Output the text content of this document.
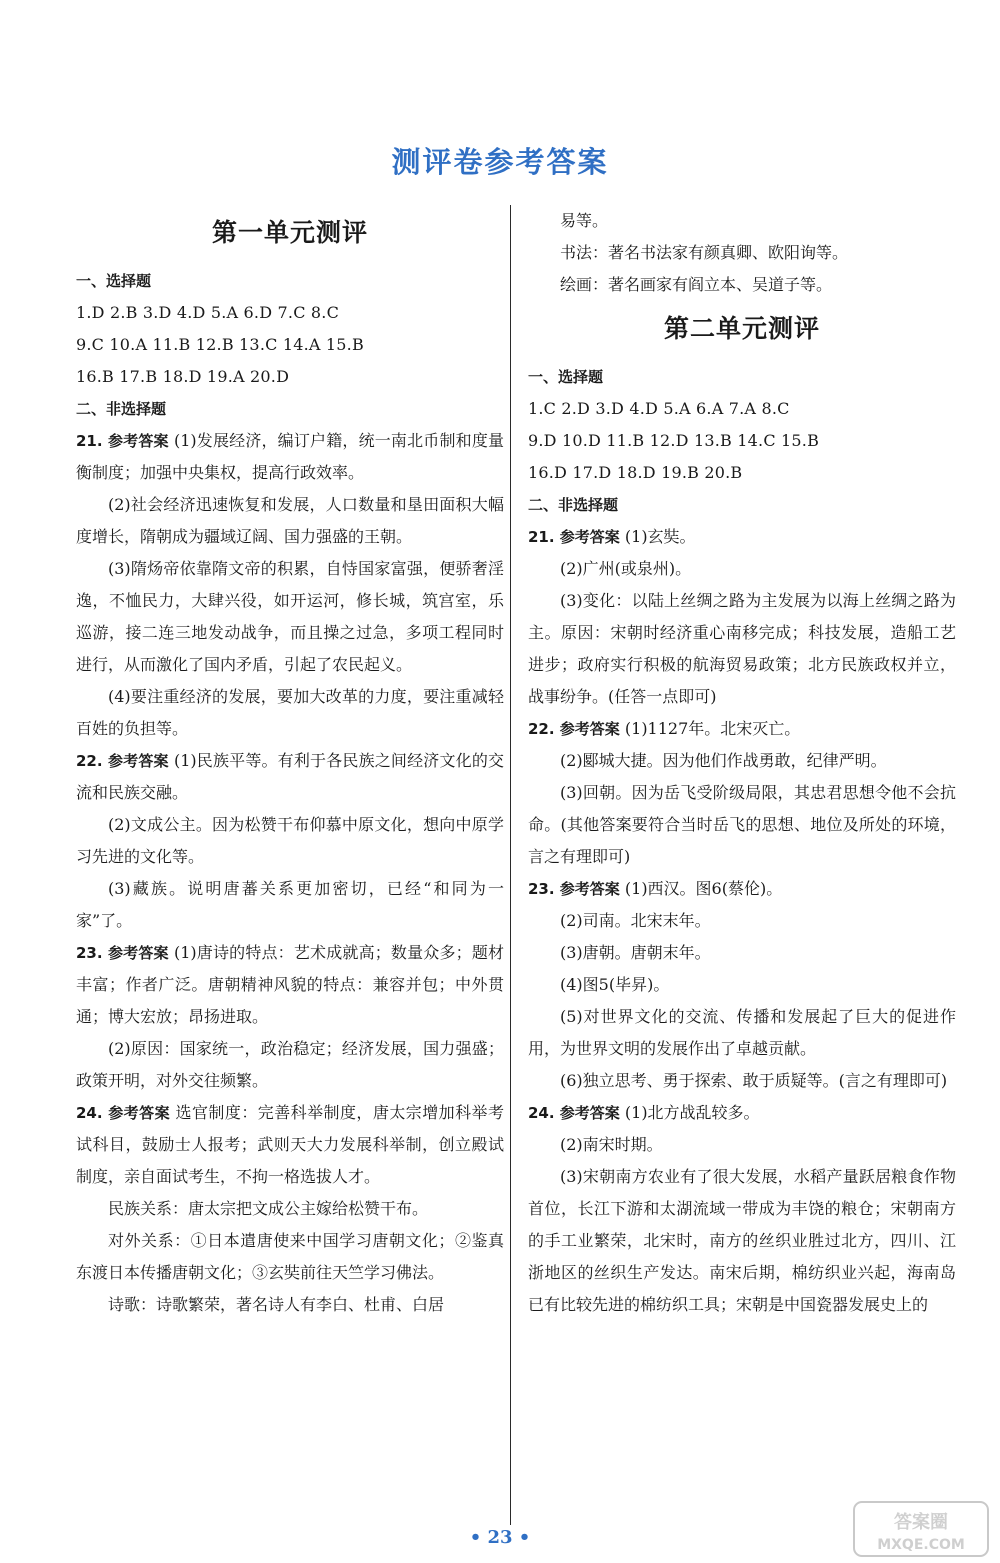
测评卷参考答案
第一单元测评
一、选择题
1.D 2.B 3.D 4.D 5.A 6.D 7.C 8.C
9.C 10.A 11.B 12.B 13.C 14.A 15.B
16.B 17.B 18.D 19.A 20.D
二、非选择题
21. 参考答案 (1)发展经济，编订户籍，统一南北币制和度量衡制度；加强中央集权，提高行政效率。
(2)社会经济迅速恢复和发展，人口数量和垦田面积大幅度增长，隋朝成为疆域辽阔、国力强盛的王朝。
(3)隋炀帝依靠隋文帝的积累，自恃国家富强，便骄奢淫逸，不恤民力，大肆兴役，如开运河，修长城，筑宫室，乐巡游，接二连三地发动战争，而且操之过急，多项工程同时进行，从而激化了国内矛盾，引起了农民起义。
(4)要注重经济的发展，要加大改革的力度，要注重减轻百姓的负担等。
22. 参考答案 (1)民族平等。有利于各民族之间经济文化的交流和民族交融。
(2)文成公主。因为松赞干布仰慕中原文化，想向中原学习先进的文化等。
(3)藏族。说明唐蕃关系更加密切，已经“和同为一家”了。
23. 参考答案 (1)唐诗的特点：艺术成就高；数量众多；题材丰富；作者广泛。唐朝精神风貌的特点：兼容并包；中外贯通；博大宏放；昂扬进取。
(2)原因：国家统一，政治稳定；经济发展，国力强盛；政策开明，对外交往频繁。
24. 参考答案 选官制度：完善科举制度，唐太宗增加科举考试科目，鼓励士人报考；武则天大力发展科举制，创立殿试制度，亲自面试考生，不拘一格选拔人才。
民族关系：唐太宗把文成公主嫁给松赞干布。
对外关系：①日本遣唐使来中国学习唐朝文化；②鉴真东渡日本传播唐朝文化；③玄奘前往天竺学习佛法。
诗歌：诗歌繁荣，著名诗人有李白、杜甫、白居
易等。
书法：著名书法家有颜真卿、欧阳询等。
绘画：著名画家有阎立本、吴道子等。
第二单元测评
一、选择题
1.C 2.D 3.D 4.D 5.A 6.A 7.A 8.C
9.D 10.D 11.B 12.D 13.B 14.C 15.B
16.D 17.D 18.D 19.B 20.B
二、非选择题
21. 参考答案 (1)玄奘。
(2)广州(或泉州)。
(3)变化：以陆上丝绸之路为主发展为以海上丝绸之路为主。原因：宋朝时经济重心南移完成；科技发展，造船工艺进步；政府实行积极的航海贸易政策；北方民族政权并立，战事纷争。(任答一点即可)
22. 参考答案 (1)1127年。北宋灭亡。
(2)郾城大捷。因为他们作战勇敢，纪律严明。
(3)回朝。因为岳飞受阶级局限，其忠君思想令他不会抗命。(其他答案要符合当时岳飞的思想、地位及所处的环境，言之有理即可)
23. 参考答案 (1)西汉。图6(蔡伦)。
(2)司南。北宋末年。
(3)唐朝。唐朝末年。
(4)图5(毕昇)。
(5)对世界文化的交流、传播和发展起了巨大的促进作用，为世界文明的发展作出了卓越贡献。
(6)独立思考、勇于探索、敢于质疑等。(言之有理即可)
24. 参考答案 (1)北方战乱较多。
(2)南宋时期。
(3)宋朝南方农业有了很大发展，水稻产量跃居粮食作物首位，长江下游和太湖流域一带成为丰饶的粮仓；宋朝南方的手工业繁荣，北宋时，南方的丝织业胜过北方，四川、江浙地区的丝织生产发达。南宋后期，棉纺织业兴起，海南岛已有比较先进的棉纺织工具；宋朝是中国瓷器发展史上的
• 23 •
答案圈
MXQE.COM
